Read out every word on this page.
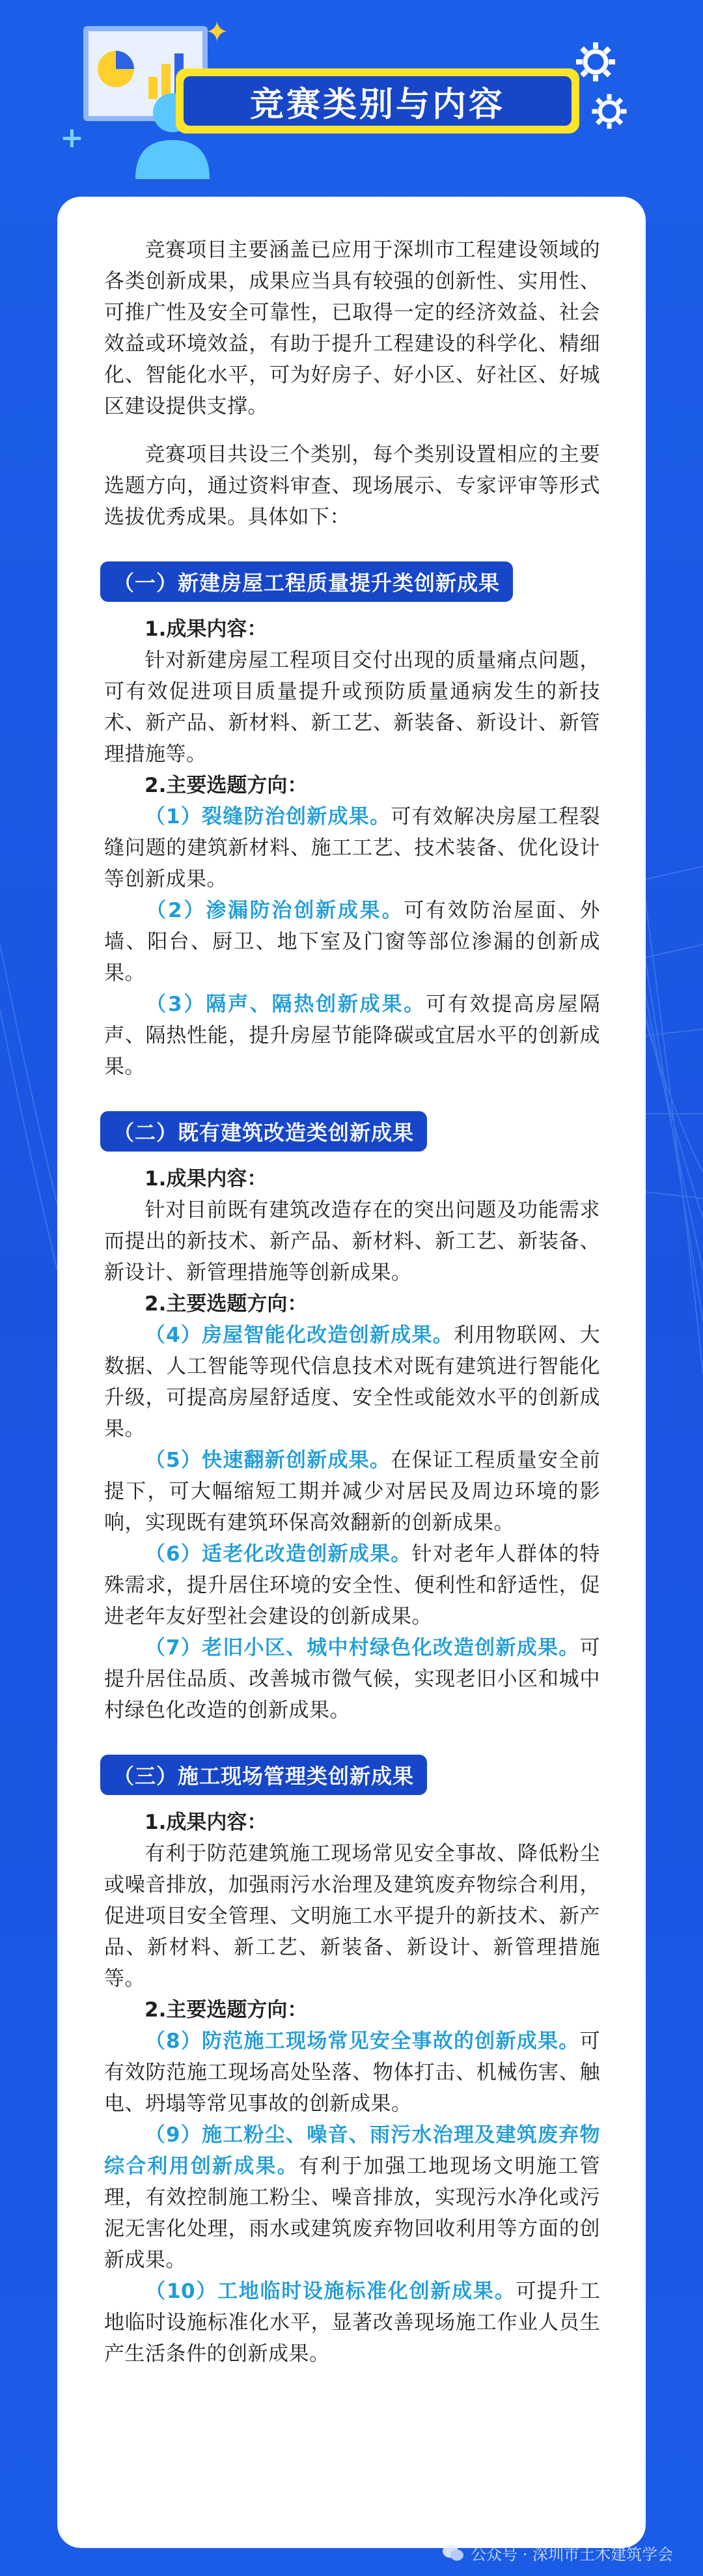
✦
+
竞赛类别与内容

竞赛项目主要涵盖已应用于深圳市工程建设领域的各类创新成果，成果应当具有较强的创新性、实用性、可推广性及安全可靠性，已取得一定的经济效益、社会效益或环境效益，有助于提升工程建设的科学化、精细化、智能化水平，可为好房子、好小区、好社区、好城区建设提供支撑。

竞赛项目共设三个类别，每个类别设置相应的主要选题方向，通过资料审查、现场展示、专家评审等形式选拔优秀成果。具体如下：

（一）新建房屋工程质量提升类创新成果

1.成果内容：

针对新建房屋工程项目交付出现的质量痛点问题，可有效促进项目质量提升或预防质量通病发生的新技术、新产品、新材料、新工艺、新装备、新设计、新管理措施等。

2.主要选题方向：

（1）裂缝防治创新成果。可有效解决房屋工程裂缝问题的建筑新材料、施工工艺、技术装备、优化设计等创新成果。

（2）渗漏防治创新成果。可有效防治屋面、外墙、阳台、厨卫、地下室及门窗等部位渗漏的创新成果。

（3）隔声、隔热创新成果。可有效提高房屋隔声、隔热性能，提升房屋节能降碳或宜居水平的创新成果。

（二）既有建筑改造类创新成果

1.成果内容：

针对目前既有建筑改造存在的突出问题及功能需求而提出的新技术、新产品、新材料、新工艺、新装备、新设计、新管理措施等创新成果。

2.主要选题方向：

（4）房屋智能化改造创新成果。利用物联网、大数据、人工智能等现代信息技术对既有建筑进行智能化升级，可提高房屋舒适度、安全性或能效水平的创新成果。

（5）快速翻新创新成果。在保证工程质量安全前提下，可大幅缩短工期并减少对居民及周边环境的影响，实现既有建筑环保高效翻新的创新成果。

（6）适老化改造创新成果。针对老年人群体的特殊需求，提升居住环境的安全性、便利性和舒适性，促进老年友好型社会建设的创新成果。

（7）老旧小区、城中村绿色化改造创新成果。可提升居住品质、改善城市微气候，实现老旧小区和城中村绿色化改造的创新成果。

（三）施工现场管理类创新成果

1.成果内容：

有利于防范建筑施工现场常见安全事故、降低粉尘或噪音排放，加强雨污水治理及建筑废弃物综合利用，促进项目安全管理、文明施工水平提升的新技术、新产品、新材料、新工艺、新装备、新设计、新管理措施等。

2.主要选题方向：

（8）防范施工现场常见安全事故的创新成果。可有效防范施工现场高处坠落、物体打击、机械伤害、触电、坍塌等常见事故的创新成果。

（9）施工粉尘、噪音、雨污水治理及建筑废弃物综合利用创新成果。有利于加强工地现场文明施工管理，有效控制施工粉尘、噪音排放，实现污水净化或污泥无害化处理，雨水或建筑废弃物回收利用等方面的创新成果。

（10）工地临时设施标准化创新成果。可提升工地临时设施标准化水平，显著改善现场施工作业人员生产生活条件的创新成果。

公众号 · 深圳市土木建筑学会
